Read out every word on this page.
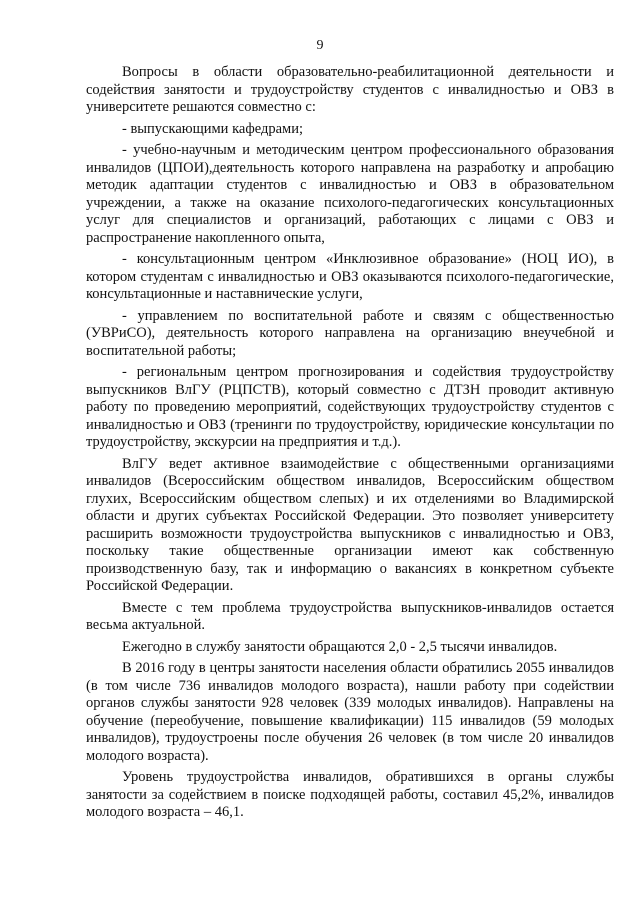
9

Вопросы в области образовательно-реабилитационной деятельности и содействия занятости и трудоустройству студентов с инвалидностью и ОВЗ в университете решаются совместно с:

- выпускающими кафедрами;

- учебно-научным и методическим центром профессионального образования инвалидов (ЦПОИ),деятельность которого направлена на разработку и апробацию методик адаптации студентов с инвалидностью и ОВЗ в образовательном учреждении, а также на оказание психолого-педагогических консультационных услуг для специалистов и организаций, работающих с лицами с ОВЗ и распространение накопленного опыта,

- консультационным центром «Инклюзивное образование» (НОЦ ИО), в котором студентам с инвалидностью и ОВЗ оказываются психолого-педагогические, консультационные и наставнические услуги,

- управлением по воспитательной работе и связям с общественностью (УВРиСО), деятельность которого направлена на организацию внеучебной и воспитательной работы;

- региональным центром прогнозирования и содействия трудоустройству выпускников ВлГУ (РЦПСТВ), который совместно с ДТЗН проводит активную работу по проведению мероприятий, содействующих трудоустройству студентов с инвалидностью и ОВЗ (тренинги по трудоустройству, юридические консультации по трудоустройству, экскурсии на предприятия и т.д.).

ВлГУ ведет активное взаимодействие с общественными организациями инвалидов (Всероссийским обществом инвалидов, Всероссийским обществом глухих, Всероссийским обществом слепых) и их отделениями во Владимирской области и других субъектах Российской Федерации. Это позволяет университету расширить возможности трудоустройства выпускников с инвалидностью и ОВЗ, поскольку такие общественные организации имеют как собственную производственную базу, так и информацию о вакансиях в конкретном субъекте Российской Федерации.

Вместе с тем проблема трудоустройства выпускников-инвалидов остается весьма актуальной.

Ежегодно в службу занятости обращаются 2,0 - 2,5 тысячи инвалидов.

В 2016 году в центры занятости населения области обратились 2055 инвалидов (в том числе 736 инвалидов молодого возраста), нашли работу при содействии органов службы занятости 928 человек (339 молодых инвалидов). Направлены на обучение (переобучение, повышение квалификации) 115 инвалидов (59 молодых инвалидов), трудоустроены после обучения 26 человек (в том числе 20 инвалидов молодого возраста).

Уровень трудоустройства инвалидов, обратившихся в органы службы занятости за содействием в поиске подходящей работы, составил 45,2%, инвалидов молодого возраста – 46,1.
